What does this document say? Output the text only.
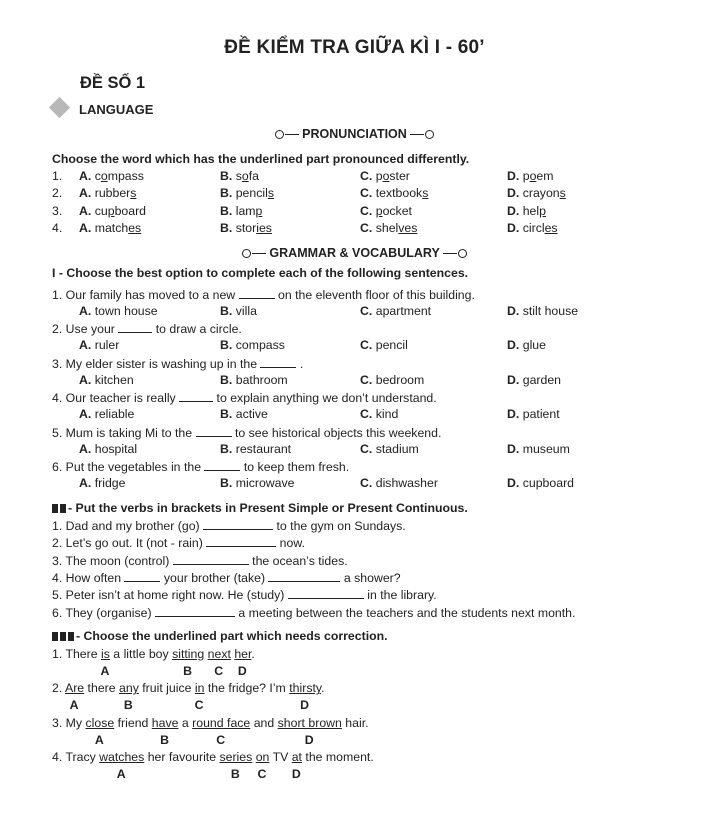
ĐỀ KIỂM TRA GIỮA KÌ I - 60’
ĐỀ SỐ 1
LANGUAGE
PRONUNCIATION
Choose the word which has the underlined part pronounced differently.
1. A. compass	B. sofa	C. poster	D. poem
2. A. rubbers	B. pencils	C. textbooks	D. crayons
3. A. cupboard	B. lamp	C. pocket	D. help
4. A. matches	B. stories	C. shelves	D. circles
GRAMMAR & VOCABULARY
I - Choose the best option to complete each of the following sentences.
1. Our family has moved to a new	on the eleventh floor of this building.
A. town house	B. villa	C. apartment	D. stilt house
2. Use your	to draw a circle.
A. ruler	B. compass	C. pencil	D. glue
3. My elder sister is washing up in the	.
A. kitchen	B. bathroom	C. bedroom	D. garden
4. Our teacher is really	to explain anything we don’t understand.
A. reliable	B. active	C. kind	D. patient
5. Mum is taking Mi to the	to see historical objects this weekend.
A. hospital	B. restaurant	C. stadium	D. museum
6. Put the vegetables in the	to keep them fresh.
A. fridge	B. microwave	C. dishwasher	D. cupboard
- Put the verbs in brackets in Present Simple or Present Continuous.
1. Dad and my brother (go)	to the gym on Sundays.
2. Let’s go out. It (not - rain)	now.
3. The moon (control)	the ocean’s tides.
4. How often	your brother (take)	a shower?
5. Peter isn’t at home right now. He (study)	in the library.
6. They (organise)	a meeting between the teachers and the students next month.
- Choose the underlined part which needs correction.
1. There is a little boy sitting next her.
A	B C D
2. Are there any fruit juice in the fridge? I’m thirsty.
A	B	C	D
3. My close friend have a round face and short brown hair.
A	B	C	D
4. Tracy watches her favourite series on TV at the moment.
A	B C D
